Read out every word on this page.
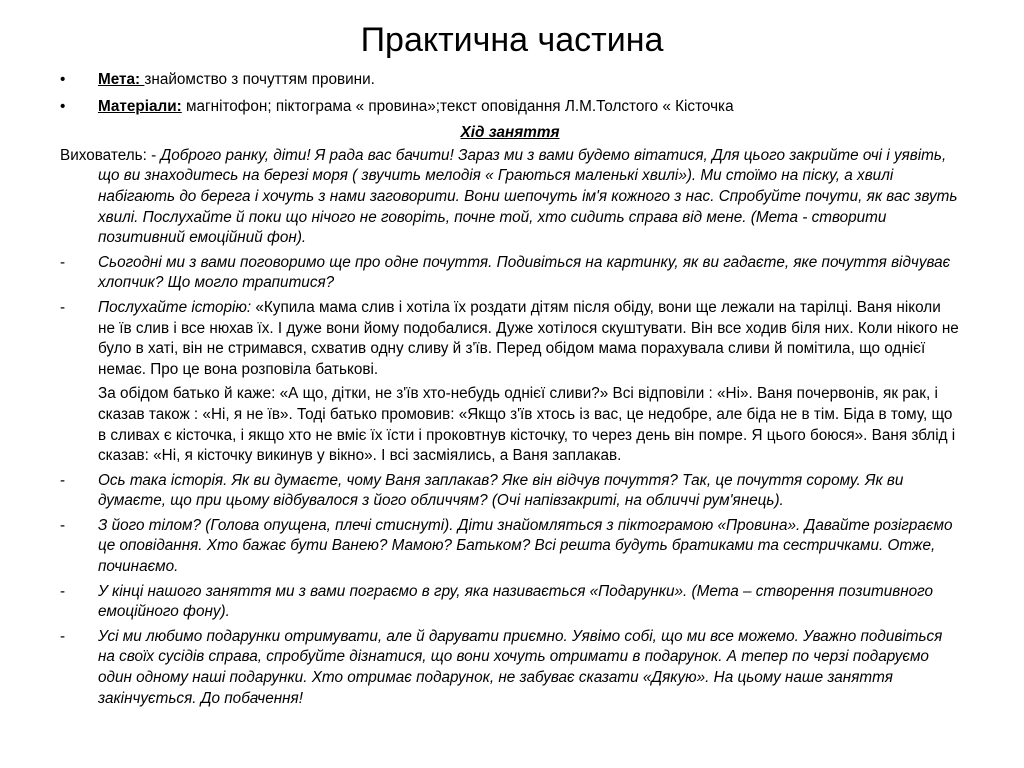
Практична частина
•	Мета: знайомство з почуттям провини.
•	Матеріали: магнітофон; піктограма « провина»;текст оповідання Л.М.Толстого « Кісточка
Хід заняття
Вихователь: - Доброго ранку, діти! Я рада вас бачити! Зараз ми з вами будемо вітатися, Для цього закрийте очі і уявіть, що ви знаходитесь на березі моря ( звучить мелодія « Граються маленькі хвилі»). Ми стоїмо на піску, а хвилі набігають до берега і хочуть з нами заговорити. Вони шепочуть ім'я кожного з нас. Спробуйте почути, як вас звуть хвилі. Послухайте й поки що нічого не говоріть, почне той, хто сидить справа від мене. (Мета - створити позитивний емоційний фон).
-	Сьогодні ми з вами поговоримо ще про одне почуття. Подивіться на картинку, як ви гадаєте, яке почуття відчуває хлопчик? Що могло трапитися?
-	Послухайте історію: «Купила мама слив і хотіла їх роздати дітям після обіду, вони ще лежали на тарілці. Ваня ніколи не їв слив і все нюхав їх. І дуже вони йому подобалися. Дуже хотілося скуштувати. Він все ходив біля них. Коли нікого не було в хаті, він не стримався, схватив одну сливу й з'їв. Перед обідом мама порахувала сливи й помітила, що однієї немає. Про це вона розповіла батькові.
За обідом батько й каже: «А що, дітки, не з'їв хто-небудь однієї сливи?» Всі відповіли : «Ні». Ваня почервонів, як рак, і сказав також : «Ні, я не їв». Тоді батько промовив: «Якщо з'їв хтось із вас, це недобре, але біда не в тім. Біда в тому, що в сливах є кісточка, і якщо хто не вміє їх їсти і проковтнув кісточку, то через день він помре. Я цього боюся». Ваня зблід і сказав: «Ні, я кісточку викинув у вікно». І всі засміялись, а Ваня заплакав.
-	Ось така історія. Як ви думаєте, чому Ваня заплакав? Яке він відчув почуття? Так, це почуття сорому. Як ви думаєте, що при цьому відбувалося з його обличчям? (Очі напівзакриті, на обличчі рум'янець).
-	З його тілом? (Голова опущена, плечі стиснуті). Діти знайомляться з піктограмою «Провина». Давайте розіграємо це оповідання. Хто бажає бути Ванею? Мамою? Батьком? Всі решта будуть братиками та сестричками. Отже, починаємо.
-	У кінці нашого заняття ми з вами пограємо в гру, яка називається «Подарунки». (Мета – створення позитивного емоційного фону).
-	Усі ми любимо подарунки отримувати, але й дарувати приємно. Уявімо собі, що ми все можемо. Уважно подивіться на своїх сусідів справа, спробуйте дізнатися, що вони хочуть отримати в подарунок. А тепер по черзі подаруємо один одному наші подарунки. Хто отримає подарунок, не забуває сказати «Дякую». На цьому наше заняття закінчується. До побачення!
